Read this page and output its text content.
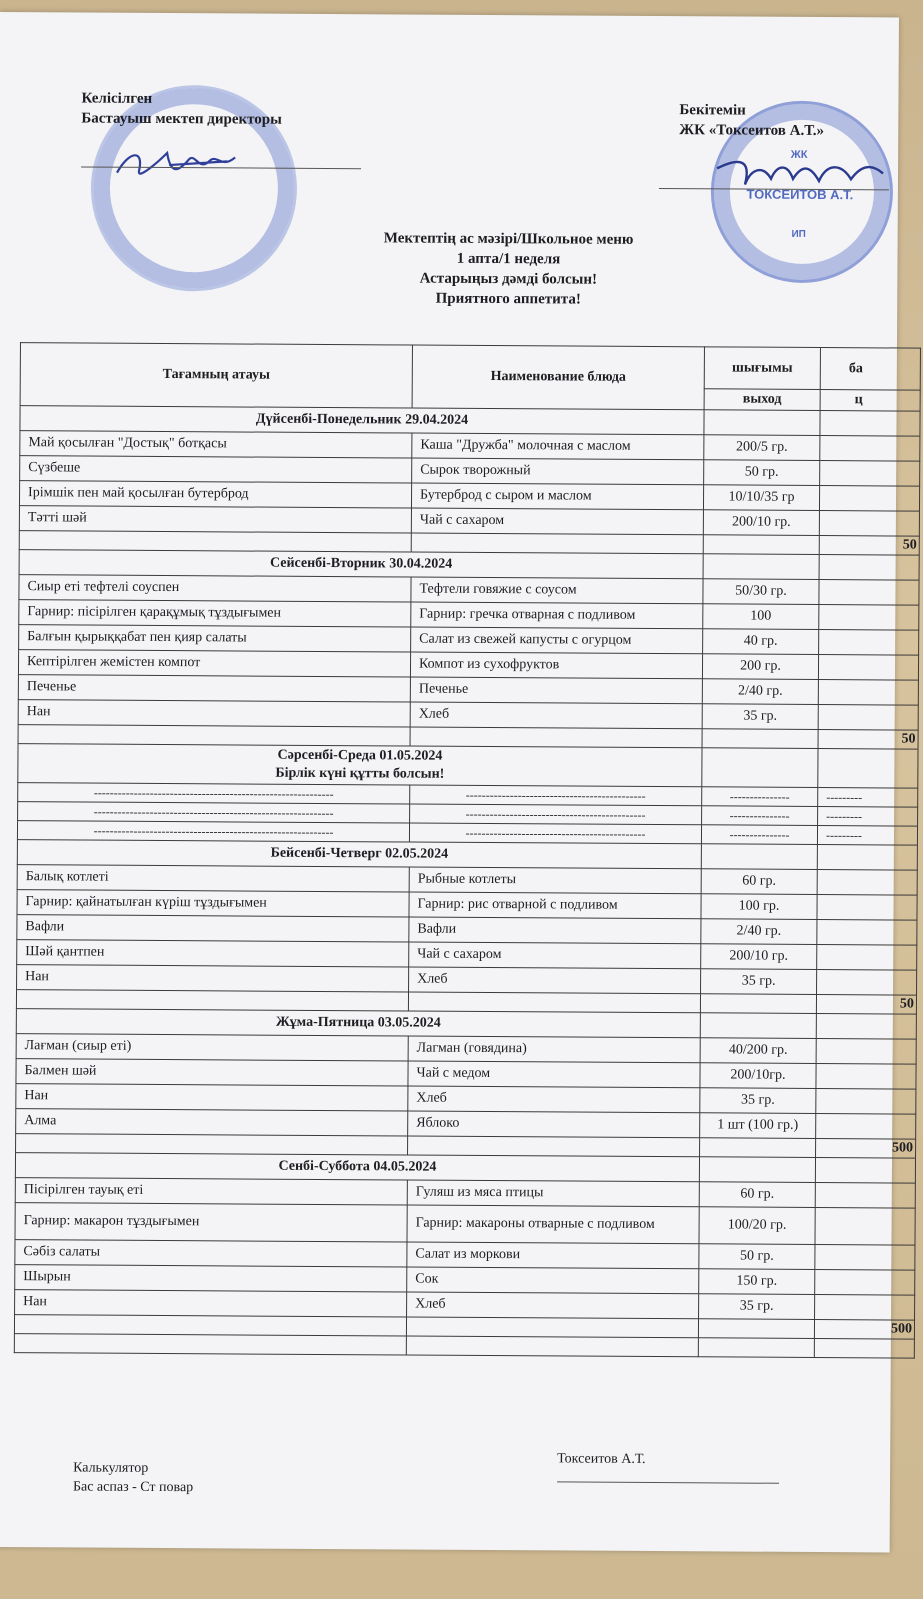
Келісілген
Бастауыш мектеп директоры
ЖК
ТОКСЕИТОВ А.Т.
ИП
Бекітемін
ЖК «Токсеитов А.Т.»
Мектептің ас мәзірі/Школьное меню
1 апта/1 неделя
Астарыңыз дәмді болсын!
Приятного аппетита!
Тағамның атауы	Наименование блюда	шығымы	ба
		выход	ц
Дүйсенбі-Понедельник 29.04.2024			
Май қосылған "Достық" ботқасы	Каша "Дружба" молочная с маслом	200/5 гр.	
Сүзбеше	Сырок творожный	50 гр.	
Ірімшік пен май қосылған бутерброд	Бутерброд с сыром и маслом	10/10/35 гр	
Тәтті шәй	Чай с сахаром	200/10 гр.	
			50
Сейсенбі-Вторник 30.04.2024			
Сиыр еті тефтелі соуспен	Тефтели говяжие с соусом	50/30 гр.	
Гарнир: пісірілген қарақұмық тұздығымен	Гарнир: гречка отварная с подливом	100	
Балғын қырыққабат пен қияр салаты	Салат из свежей капусты с огурцом	40 гр.	
Кептірілген жемістен компот	Компот из сухофруктов	200 гр.	
Печенье	Печенье	2/40 гр.	
Нан	Хлеб	35 гр.	
			50

Сәрсенбі-Среда 01.05.2024
Бірлік күні құтты болсын!			

------------------------------------------------------------	---------------------------------------------	---------------	---------
------------------------------------------------------------	---------------------------------------------	---------------	---------
------------------------------------------------------------	---------------------------------------------	---------------	---------
Бейсенбі-Четверг 02.05.2024			
Балық котлеті	Рыбные котлеты	60 гр.	
Гарнир: қайнатылған күріш тұздығымен	Гарнир: рис отварной с подливом	100 гр.	
Вафли	Вафли	2/40 гр.	
Шәй қантпен	Чай с сахаром	200/10 гр.	
Нан	Хлеб	35 гр.	
			50
Жұма-Пятница 03.05.2024			
Лағман (сиыр еті)	Лагман (говядина)	40/200 гр.	
Балмен шәй	Чай с медом	200/10гр.	
Нан	Хлеб	35 гр.	
Алма	Яблоко	1 шт (100 гр.)	
			500
Сенбі-Суббота 04.05.2024			
Пісірілген тауық еті	Гуляш из мяса птицы	60 гр.	
Гарнир: макарон тұздығымен	Гарнир: макароны отварные с подливом	100/20 гр.	
Сәбіз салаты	Салат из моркови	50 гр.	
Шырын	Сок	150 гр.	
Нан	Хлеб	35 гр.	
			500

Калькулятор
Бас аспаз - Ст повар
Токсеитов А.Т.
